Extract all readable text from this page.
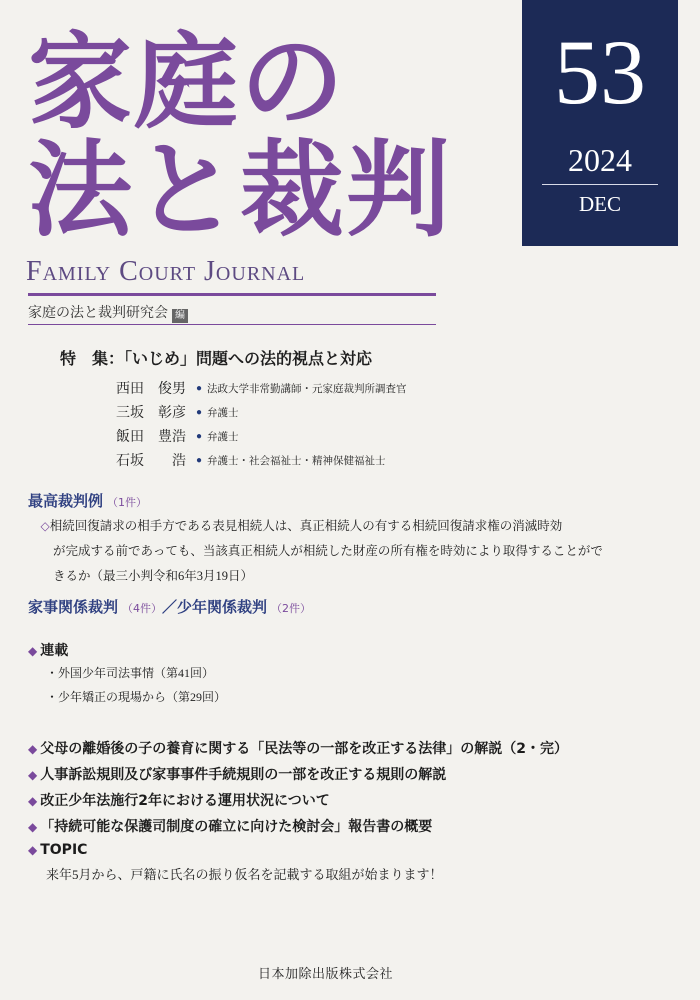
家庭の
法と裁判
53
2024
DEC
Family Court Journal
家庭の法と裁判研究会 編
特　集：「いじめ」問題への法的視点と対応
西田　俊男	● 法政大学非常勤講師・元家庭裁判所調査官
三坂　彰彦	● 弁護士
飯田　豊浩	● 弁護士
石坂　　浩	● 弁護士・社会福祉士・精神保健福祉士
最高裁判例 （1件）
　◇相続回復請求の相手方である表見相続人は、真正相続人の有する相続回復請求権の消滅時効
　　が完成する前であっても、当該真正相続人が相続した財産の所有権を時効により取得することがで
　　きるか（最三小判令和6年3月19日）
家事関係裁判 （4件）／少年関係裁判 （2件）
◆ 連載
・外国少年司法事情（第41回）
・少年矯正の現場から（第29回）
◆ 父母の離婚後の子の養育に関する「民法等の一部を改正する法律」の解説（2・完）
◆ 人事訴訟規則及び家事事件手続規則の一部を改正する規則の解説
◆ 改正少年法施行2年における運用状況について
◆ 「持続可能な保護司制度の確立に向けた検討会」報告書の概要
◆ TOPIC
来年5月から、戸籍に氏名の振り仮名を記載する取組が始まります！
日本加除出版株式会社
